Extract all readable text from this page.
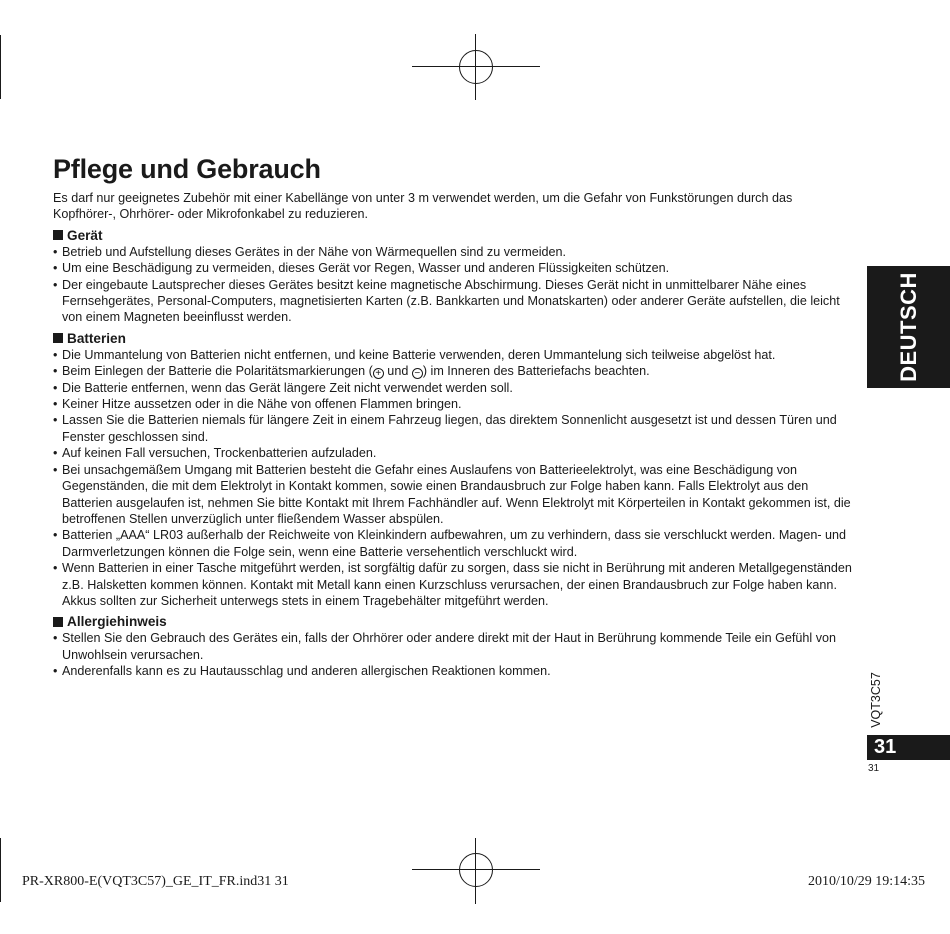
Pflege und Gebrauch

Es darf nur geeignetes Zubehör mit einer Kabellänge von unter 3 m verwendet werden, um die Gefahr von Funkstörungen durch das Kopfhörer-, Ohrhörer- oder Mikrofonkabel zu reduzieren.

Gerät
• Betrieb und Aufstellung dieses Gerätes in der Nähe von Wärmequellen sind zu vermeiden.
• Um eine Beschädigung zu vermeiden, dieses Gerät vor Regen, Wasser und anderen Flüssigkeiten schützen.
• Der eingebaute Lautsprecher dieses Gerätes besitzt keine magnetische Abschirmung. Dieses Gerät nicht in unmittelbarer Nähe eines Fernsehgerätes, Personal-Computers, magnetisierten Karten (z.B. Bankkarten und Monatskarten) oder anderer Geräte aufstellen, die leicht von einem Magneten beeinflusst werden.
Batterien
• Die Ummantelung von Batterien nicht entfernen, und keine Batterie verwenden, deren Ummantelung sich teilweise abgelöst hat.
• Beim Einlegen der Batterie die Polaritätsmarkierungen ( + und − ) im Inneren des Batteriefachs beachten.
• Die Batterie entfernen, wenn das Gerät längere Zeit nicht verwendet werden soll.
• Keiner Hitze aussetzen oder in die Nähe von offenen Flammen bringen.
• Lassen Sie die Batterien niemals für längere Zeit in einem Fahrzeug liegen, das direktem Sonnenlicht ausgesetzt ist und dessen Türen und Fenster geschlossen sind.
• Auf keinen Fall versuchen, Trockenbatterien aufzuladen.
• Bei unsachgemäßem Umgang mit Batterien besteht die Gefahr eines Auslaufens von Batterieelektrolyt, was eine Beschädigung von Gegenständen, die mit dem Elektrolyt in Kontakt kommen, sowie einen Brandausbruch zur Folge haben kann. Falls Elektrolyt aus den Batterien ausgelaufen ist, nehmen Sie bitte Kontakt mit Ihrem Fachhändler auf. Wenn Elektrolyt mit Körperteilen in Kontakt gekommen ist, die betroffenen Stellen unverzüglich unter fließendem Wasser abspülen.
• Batterien „AAA“ LR03 außerhalb der Reichweite von Kleinkindern aufbewahren, um zu verhindern, dass sie verschluckt werden. Magen- und Darmverletzungen können die Folge sein, wenn eine Batterie versehentlich verschluckt wird.
• Wenn Batterien in einer Tasche mitgeführt werden, ist sorgfältig dafür zu sorgen, dass sie nicht in Berührung mit anderen Metallgegenständen z.B. Halsketten kommen können. Kontakt mit Metall kann einen Kurzschluss verursachen, der einen Brandausbruch zur Folge haben kann. Akkus sollten zur Sicherheit unterwegs stets in einem Tragebehälter mitgeführt werden.
Allergiehinweis
• Stellen Sie den Gebrauch des Gerätes ein, falls der Ohrhörer oder andere direkt mit der Haut in Berührung kommende Teile ein Gefühl von Unwohlsein verursachen.
• Anderenfalls kann es zu Hautausschlag und anderen allergischen Reaktionen kommen.
DEUTSCH
VQT3C57
31
31
PR-XR800-E(VQT3C57)_GE_IT_FR.ind31 31	2010/10/29 19:14:35
